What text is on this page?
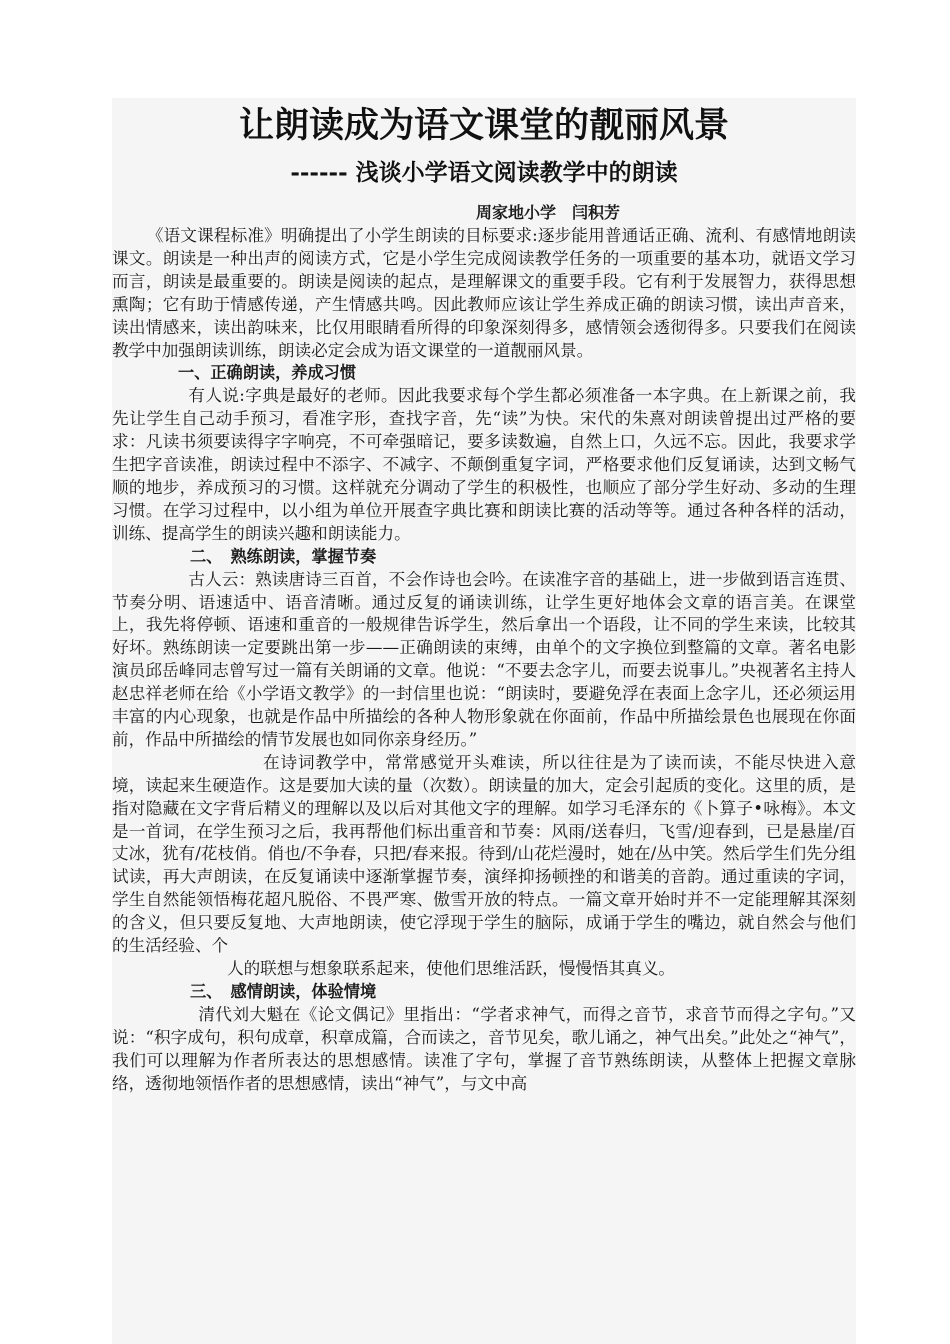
让朗读成为语文课堂的靓丽风景
------ 浅谈小学语文阅读教学中的朗读
周家地小学　闫积芳

《语文课程标准》明确提出了小学生朗读的目标要求:逐步能用普通话正确、流利、有感情地朗读课文。朗读是一种出声的阅读方式，它是小学生完成阅读教学任务的一项重要的基本功，就语文学习而言，朗读是最重要的。朗读是阅读的起点，是理解课文的重要手段。它有利于发展智力，获得思想熏陶；它有助于情感传递，产生情感共鸣。因此教师应该让学生养成正确的朗读习惯，读出声音来，读出情感来，读出韵味来，比仅用眼睛看所得的印象深刻得多，感情领会透彻得多。只要我们在阅读教学中加强朗读训练，朗读必定会成为语文课堂的一道靓丽风景。

一、正确朗读，养成习惯

有人说:字典是最好的老师。因此我要求每个学生都必须准备一本字典。在上新课之前，我先让学生自己动手预习，看准字形，查找字音，先“读”为快。宋代的朱熹对朗读曾提出过严格的要求：凡读书须要读得字字响亮，不可牵强暗记，要多读数遍，自然上口，久远不忘。因此，我要求学生把字音读准，朗读过程中不添字、不减字、不颠倒重复字词，严格要求他们反复诵读，达到文畅气顺的地步，养成预习的习惯。这样就充分调动了学生的积极性，也顺应了部分学生好动、多动的生理习惯。在学习过程中，以小组为单位开展查字典比赛和朗读比赛的活动等等。通过各种各样的活动，训练、提高学生的朗读兴趣和朗读能力。

二、　熟练朗读，掌握节奏

古人云：熟读唐诗三百首，不会作诗也会吟。在读准字音的基础上，进一步做到语言连贯、节奏分明、语速适中、语音清晰。通过反复的诵读训练，让学生更好地体会文章的语言美。在课堂上，我先将停顿、语速和重音的一般规律告诉学生，然后拿出一个语段，让不同的学生来读，比较其好坏。熟练朗读一定要跳出第一步——正确朗读的束缚，由单个的文字换位到整篇的文章。著名电影演员邱岳峰同志曾写过一篇有关朗诵的文章。他说：“不要去念字儿，而要去说事儿。”央视著名主持人赵忠祥老师在给《小学语文教学》的一封信里也说：“朗读时，要避免浮在表面上念字儿，还必须运用丰富的内心现象，也就是作品中所描绘的各种人物形象就在你面前，作品中所描绘景色也展现在你面前，作品中所描绘的情节发展也如同你亲身经历。”

在诗词教学中，常常感觉开头难读，所以往往是为了读而读，不能尽快进入意境，读起来生硬造作。这是要加大读的量（次数）。朗读量的加大，定会引起质的变化。这里的质，是指对隐藏在文字背后精义的理解以及以后对其他文字的理解。如学习毛泽东的《卜算子•咏梅》。本文是一首词，在学生预习之后，我再帮他们标出重音和节奏：风雨/送春归，飞雪/迎春到，已是悬崖/百丈冰，犹有/花枝俏。俏也/不争春，只把/春来报。待到/山花烂漫时，她在/丛中笑。然后学生们先分组试读，再大声朗读，在反复诵读中逐渐掌握节奏，演绎抑扬顿挫的和谐美的音韵。通过重读的字词，学生自然能领悟梅花超凡脱俗、不畏严寒、傲雪开放的特点。一篇文章开始时并不一定能理解其深刻的含义，但只要反复地、大声地朗读，使它浮现于学生的脑际，成诵于学生的嘴边，就自然会与他们的生活经验、个

人的联想与想象联系起来，使他们思维活跃，慢慢悟其真义。

三、　感情朗读，体验情境

清代刘大魁在《论文偶记》里指出：“学者求神气，而得之音节，求音节而得之字句。”又说：“积字成句，积句成章，积章成篇，合而读之，音节见矣，歌儿诵之，神气出矣。”此处之“神气”，我们可以理解为作者所表达的思想感情。读准了字句，掌握了音节熟练朗读，从整体上把握文章脉络，透彻地领悟作者的思想感情，读出“神气”，与文中高
